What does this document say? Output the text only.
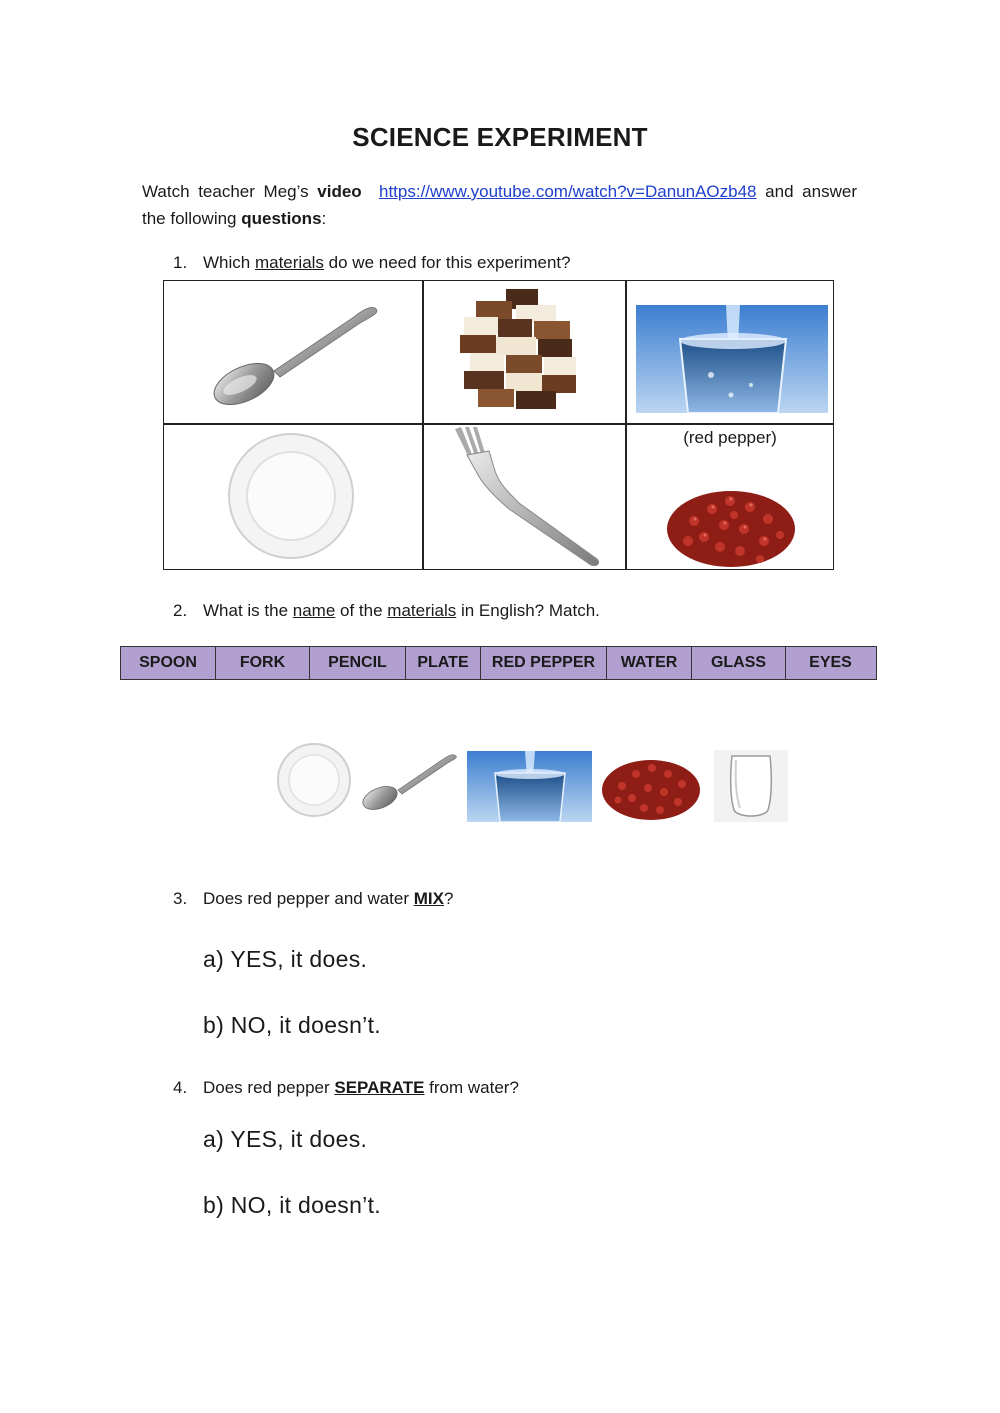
SCIENCE EXPERIMENT
Watch teacher Meg’s video https://www.youtube.com/watch?v=DanunAOzb48 and answer the following questions:
1. Which materials do we need for this experiment?
(red pepper)
2. What is the name of the materials in English? Match.
SPOON	FORK	PENCIL	PLATE	RED PEPPER	WATER	GLASS	EYES
3. Does red pepper and water MIX?
a) YES, it does.
b) NO, it doesn’t.
4. Does red pepper SEPARATE from water?
a) YES, it does.
b) NO, it doesn’t.
